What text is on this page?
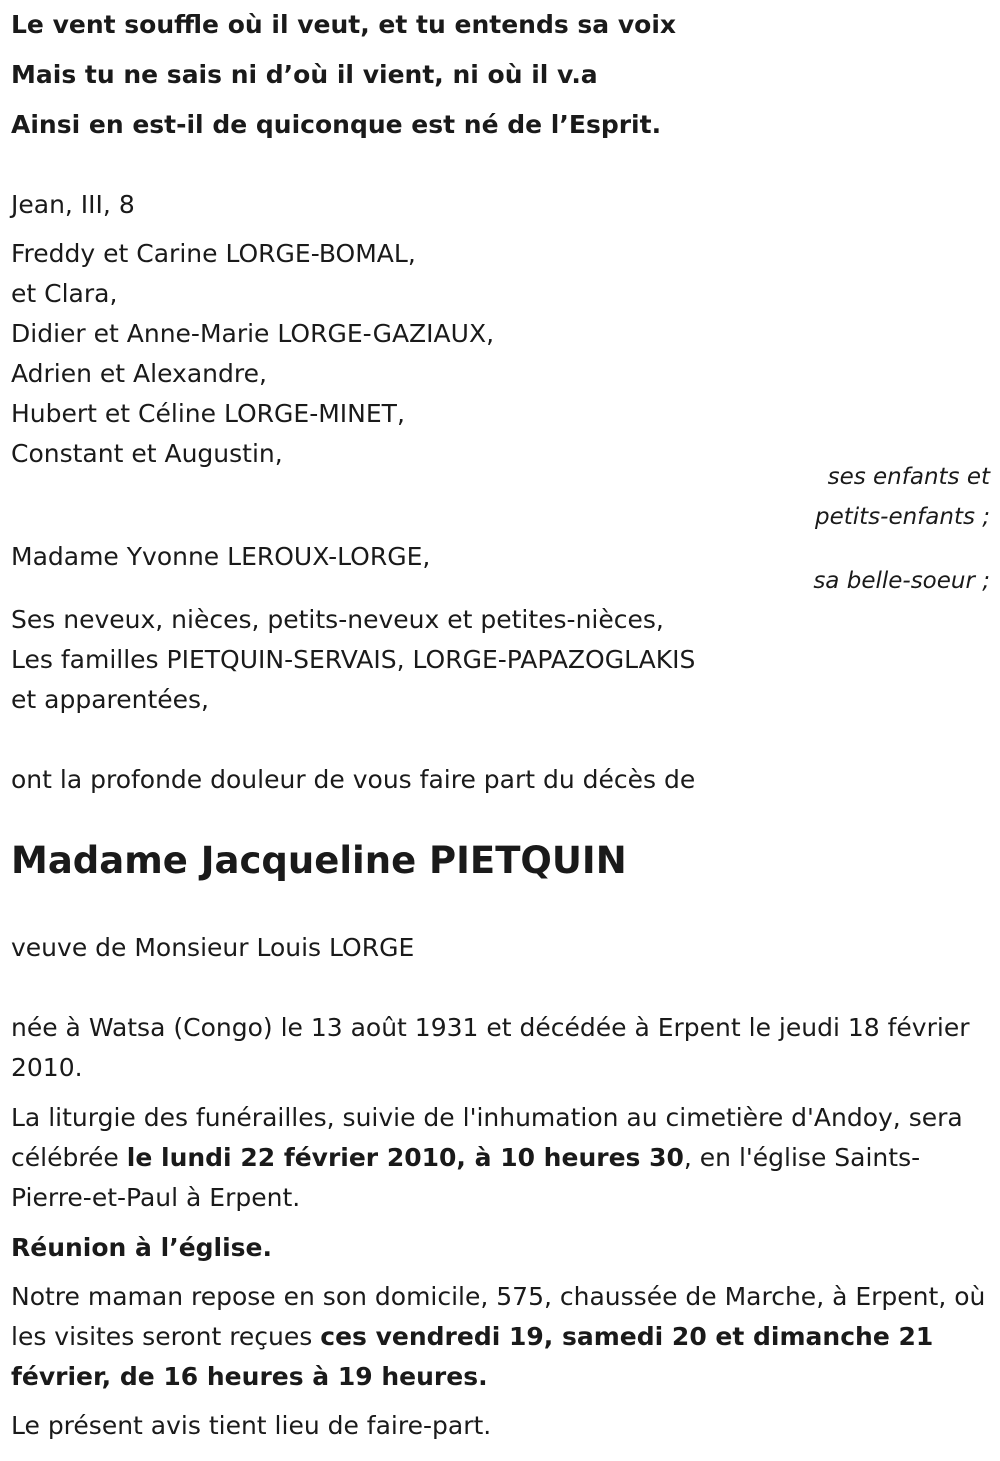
Le vent souffle où il veut, et tu entends sa voix
Mais tu ne sais ni d’où il vient, ni où il v.a
Ainsi en est-il de quiconque est né de l’Esprit.
Jean, III, 8
Freddy et Carine LORGE-BOMAL,
et Clara,
Didier et Anne-Marie LORGE-GAZIAUX,
Adrien et Alexandre,
Hubert et Céline LORGE-MINET,
Constant et Augustin,
ses enfants et
petits-enfants ;
Madame Yvonne LEROUX-LORGE,
sa belle-soeur ;
Ses neveux, nièces, petits-neveux et petites-nièces,
Les familles PIETQUIN-SERVAIS, LORGE-PAPAZOGLAKIS
et apparentées,
ont la profonde douleur de vous faire part du décès de
Madame Jacqueline PIETQUIN
veuve de Monsieur Louis LORGE

née à Watsa (Congo) le 13 août 1931 et décédée à Erpent le jeudi 18 février 2010.

La liturgie des funérailles, suivie de l'inhumation au cimetière d'Andoy, sera célébrée le lundi 22 février 2010, à 10 heures 30, en l'église Saints-Pierre-et-Paul à Erpent.

Réunion à l’église.

Notre maman repose en son domicile, 575, chaussée de Marche, à Erpent, où les visites seront reçues ces vendredi 19, samedi 20 et dimanche 21 février, de 16 heures à 19 heures.

Le présent avis tient lieu de faire-part.
